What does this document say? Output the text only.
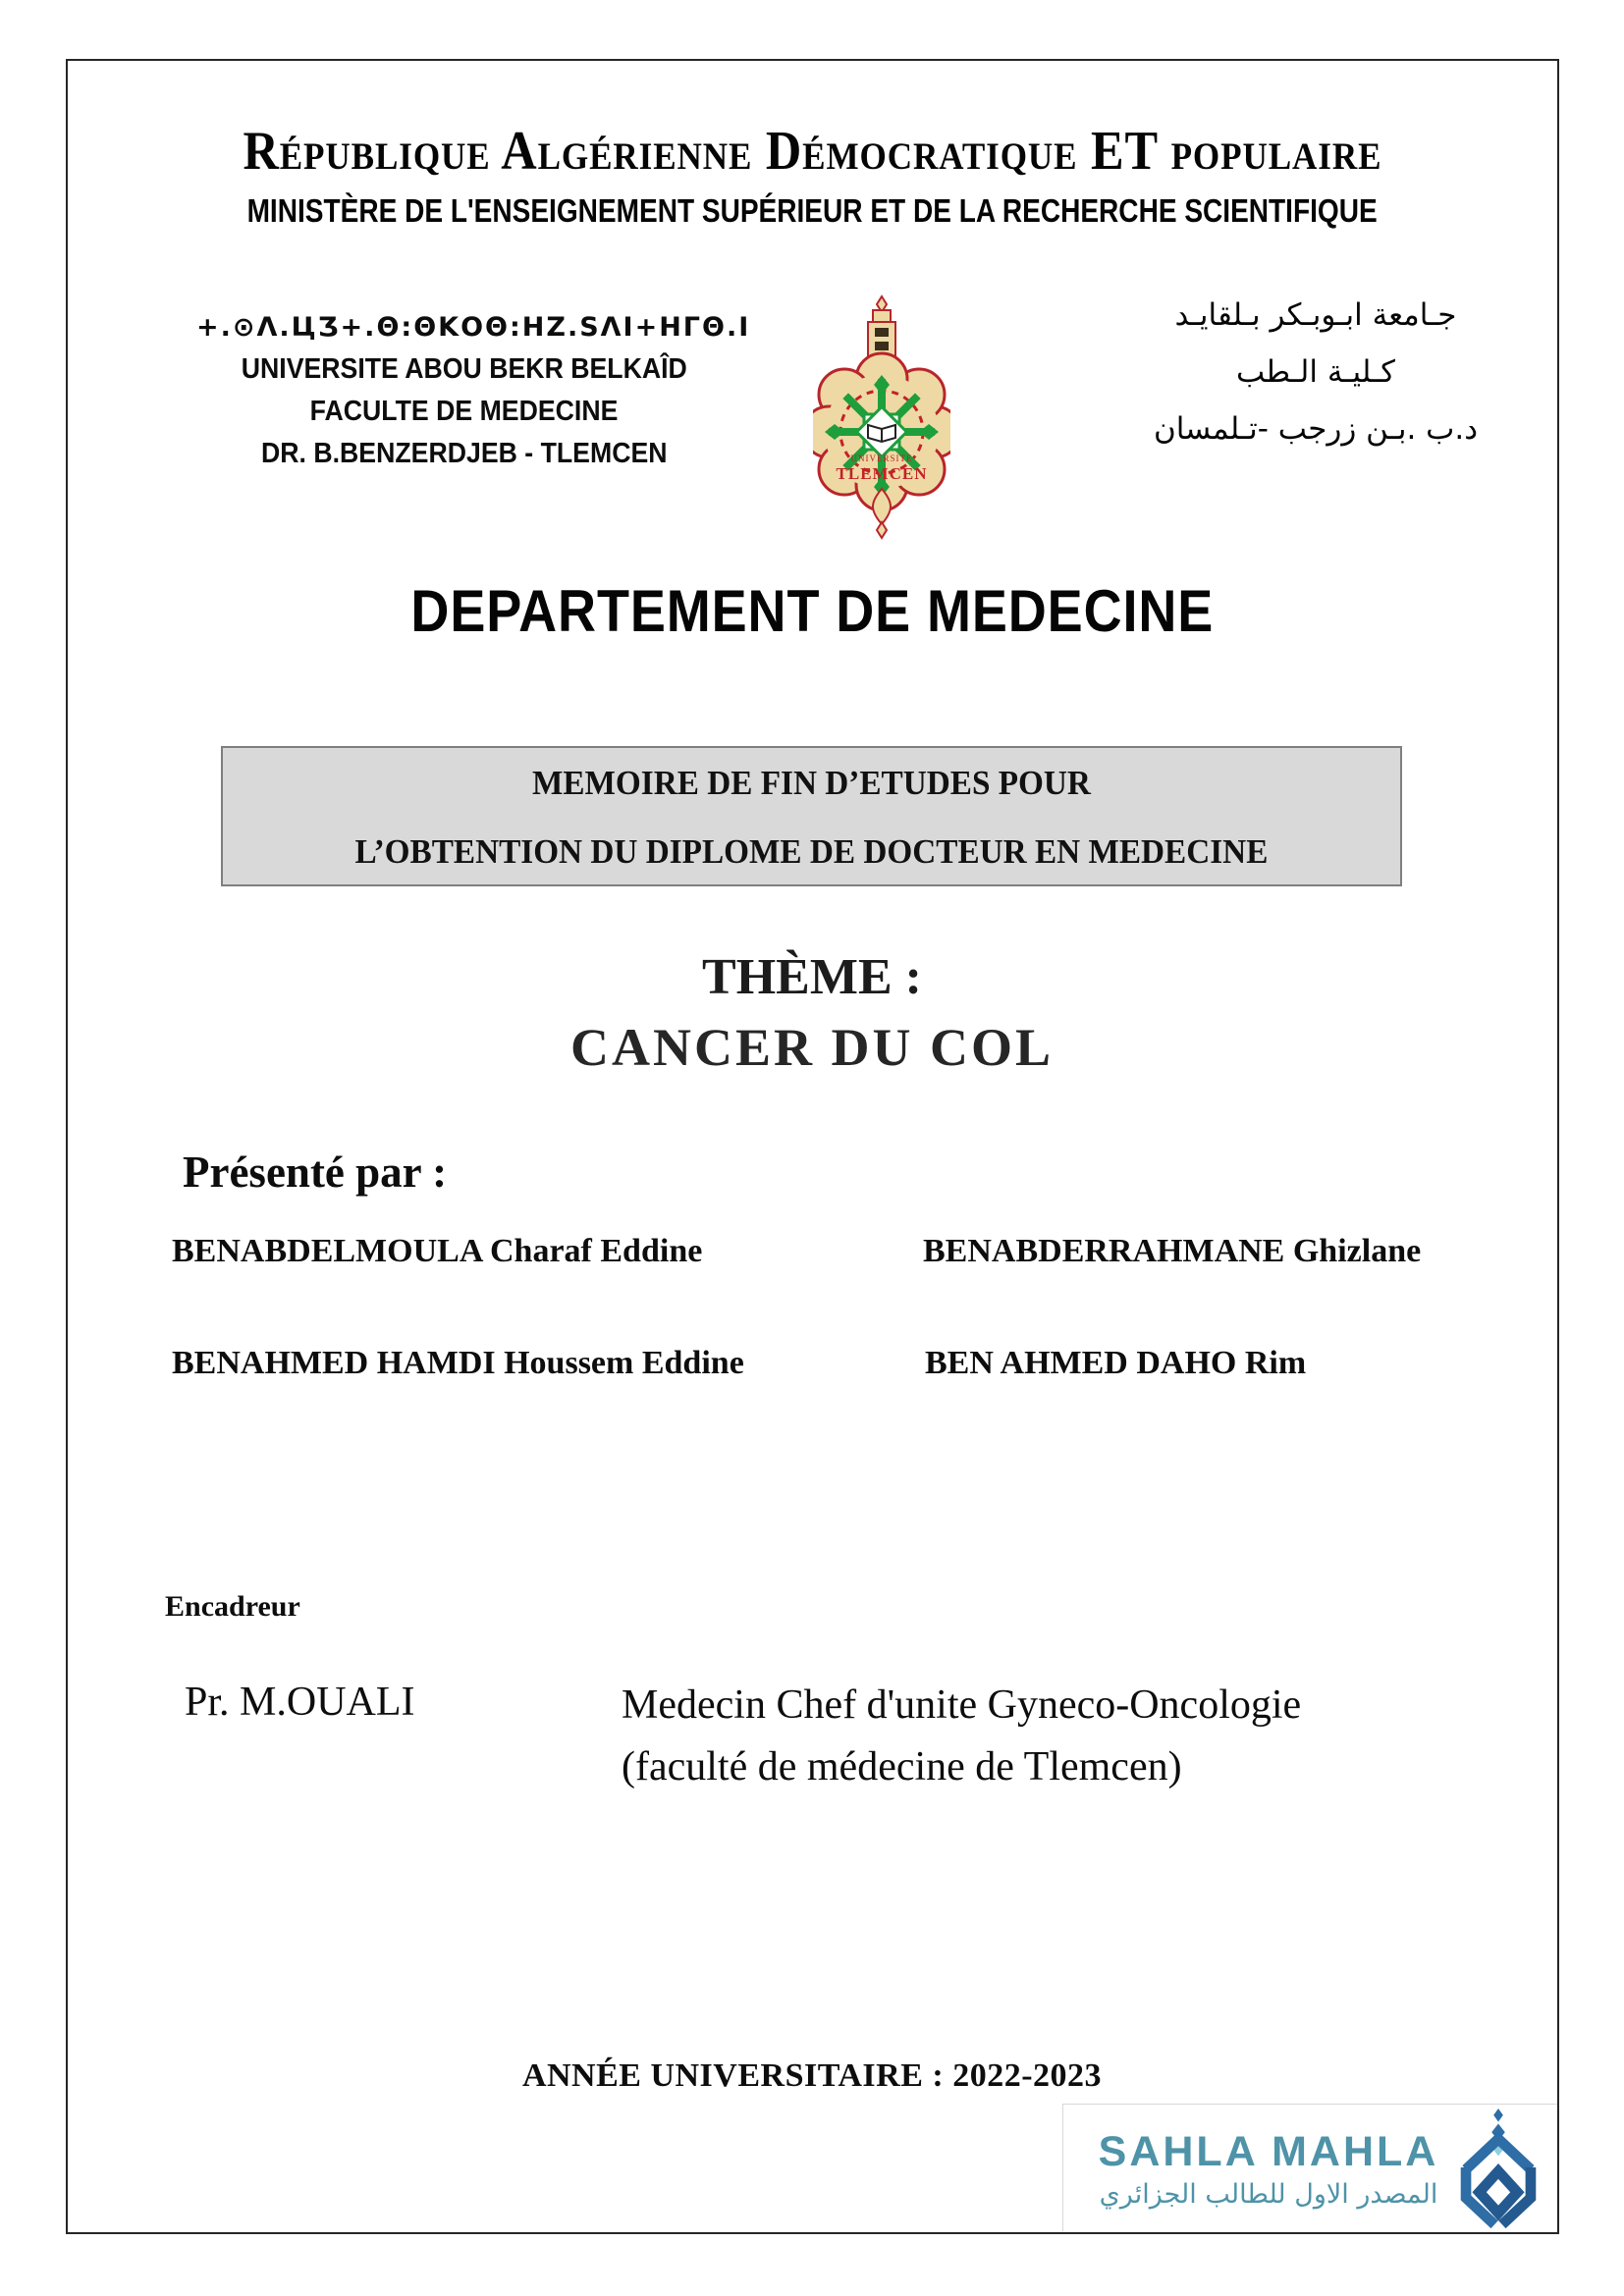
République Algérienne Démocratique ET populaire
MINISTÈRE DE L'ENSEIGNEMENT SUPÉRIEUR ET DE LA RECHERCHE SCIENTIFIQUE
+.⊙Λ.ЦƷ+.Θ:ΘΚΟΘ:ΗΖ.ЅΛΙ+ΗΓΘ.Ι
UNIVERSITE ABOU BEKR BELKAÎD
FACULTE DE MEDECINE
DR. B.BENZERDJEB - TLEMCEN
جـامعة ابـوبـكر بـلقايـد
كـليـة الـطب
د.ب .بـن زرجب -تـلمسان
UNIVERSITE
TLEMCEN
DEPARTEMENT DE MEDECINE
MEMOIRE DE FIN D’ETUDES POUR
L’OBTENTION DU DIPLOME DE DOCTEUR EN MEDECINE
THÈME :
CANCER DU COL
Présenté par :
BENABDELMOULA Charaf Eddine	BENABDERRAHMANE Ghizlane
BENAHMED HAMDI Houssem Eddine	BEN AHMED DAHO Rim
Encadreur
Pr. M.OUALI	Medecin Chef d'unite Gyneco-Oncologie
(faculté de médecine de Tlemcen)
ANNÉE UNIVERSITAIRE : 2022-2023
SAHLA MAHLA
المصدر الاول للطالب الجزائري
